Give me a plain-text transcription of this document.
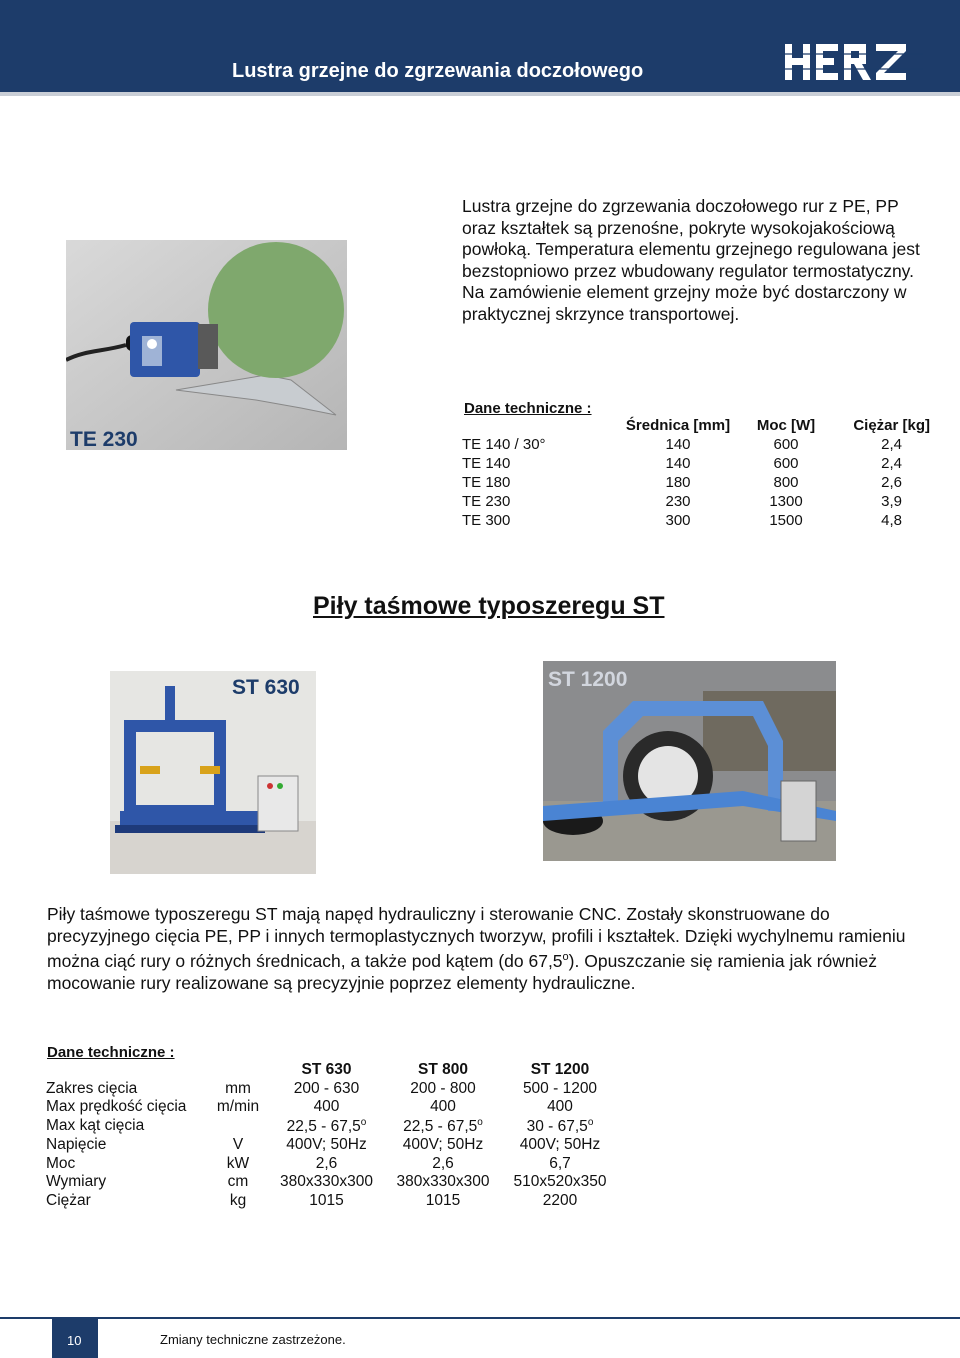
Lustra grzejne do zgrzewania doczołowego
Lustra grzejne do zgrzewania doczołowego rur z PE, PP oraz kształtek są przenośne, pokryte wysokojakościową powłoką. Temperatura elementu grzejnego regulowana jest bezstopniowo przez wbudowany regulator termostatyczny. Na zamówienie element grzejny może być dostarczony w praktycznej skrzynce transportowej.
TE 230
Dane techniczne :
	Średnica [mm]	Moc [W]	Ciężar [kg]
TE 140 / 30°	140	600	2,4
TE 140	140	600	2,4
TE 180	180	800	2,6
TE 230	230	1300	3,9
TE 300	300	1500	4,8
Piły taśmowe typoszeregu ST
ST 630	ST 1200
Piły taśmowe typoszeregu ST mają napęd hydrauliczny i sterowanie CNC. Zostały skonstruowane do precyzyjnego cięcia PE, PP i innych termoplastycznych tworzyw, profili i kształtek. Dzięki wychylnemu ramieniu można ciąć rury o różnych średnicach, a także pod kątem (do 67,5$^o$). Opuszczanie się ramienia jak również mocowanie rury realizowane są precyzyjnie poprzez elementy hydrauliczne.
Dane techniczne :
		ST 630	ST 800	ST 1200
Zakres cięcia	mm	200 - 630	200 - 800	500 - 1200
Max prędkość cięcia	m/min	400	400	400
Max kąt cięcia		22,5 - 67,5$^o$	22,5 - 67,5$^o$	30 - 67,5$^o$
Napięcie	V	400V; 50Hz	400V; 50Hz	400V; 50Hz
Moc	kW	2,6	2,6	6,7
Wymiary	cm	380x330x300	380x330x300	510x520x350
Ciężar	kg	1015	1015	2200
10	Zmiany techniczne zastrzeżone.
